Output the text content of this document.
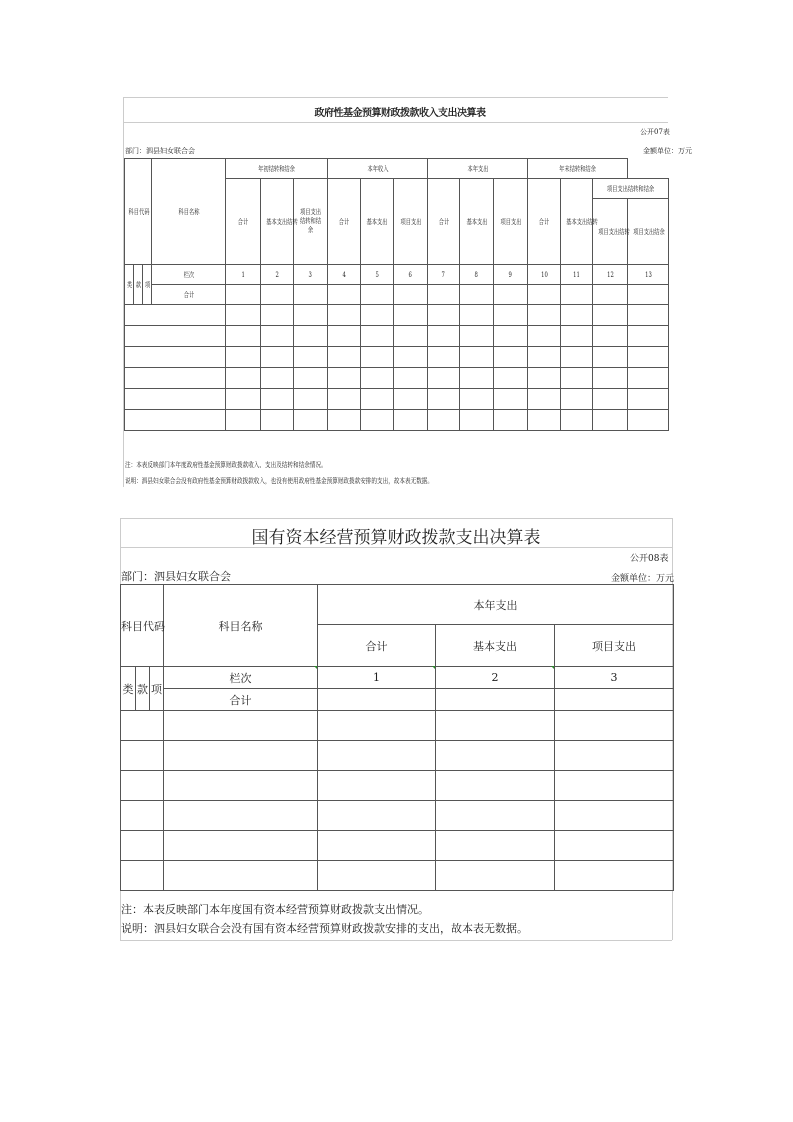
政府性基金预算财政拨款收入支出决算表
公开07表
部门：泗县妇女联合会	金额单位：万元
科目代码			科目名称	年初结转和结余			本年收入			本年支出			年末结转和结余			
				合计	基本支出结转	项目支出结转和结余	合计	基本支出	项目支出	合计	基本支出	项目支出	合计	基本支出结转	项目支出结转和结余	
															项目支出结转	项目支出结余
类	款	项	栏次	1	2	3	4	5	6	7	8	9	10	11	12	13
			合计													

注：本表反映部门本年度政府性基金预算财政拨款收入、支出及结转和结余情况。
说明：泗县妇女联合会没有政府性基金预算财政拨款收入，也没有使用政府性基金预算财政拨款安排的支出，故本表无数据。
国有资本经营预算财政拨款支出决算表
公开08表
部门：泗县妇女联合会	金额单位：万元
科目代码			科目名称	本年支出		
				合计	基本支出	项目支出
类	款	项	栏次	1	2	3
			合计			

注：本表反映部门本年度国有资本经营预算财政拨款支出情况。
说明：泗县妇女联合会没有国有资本经营预算财政拨款安排的支出，故本表无数据。
